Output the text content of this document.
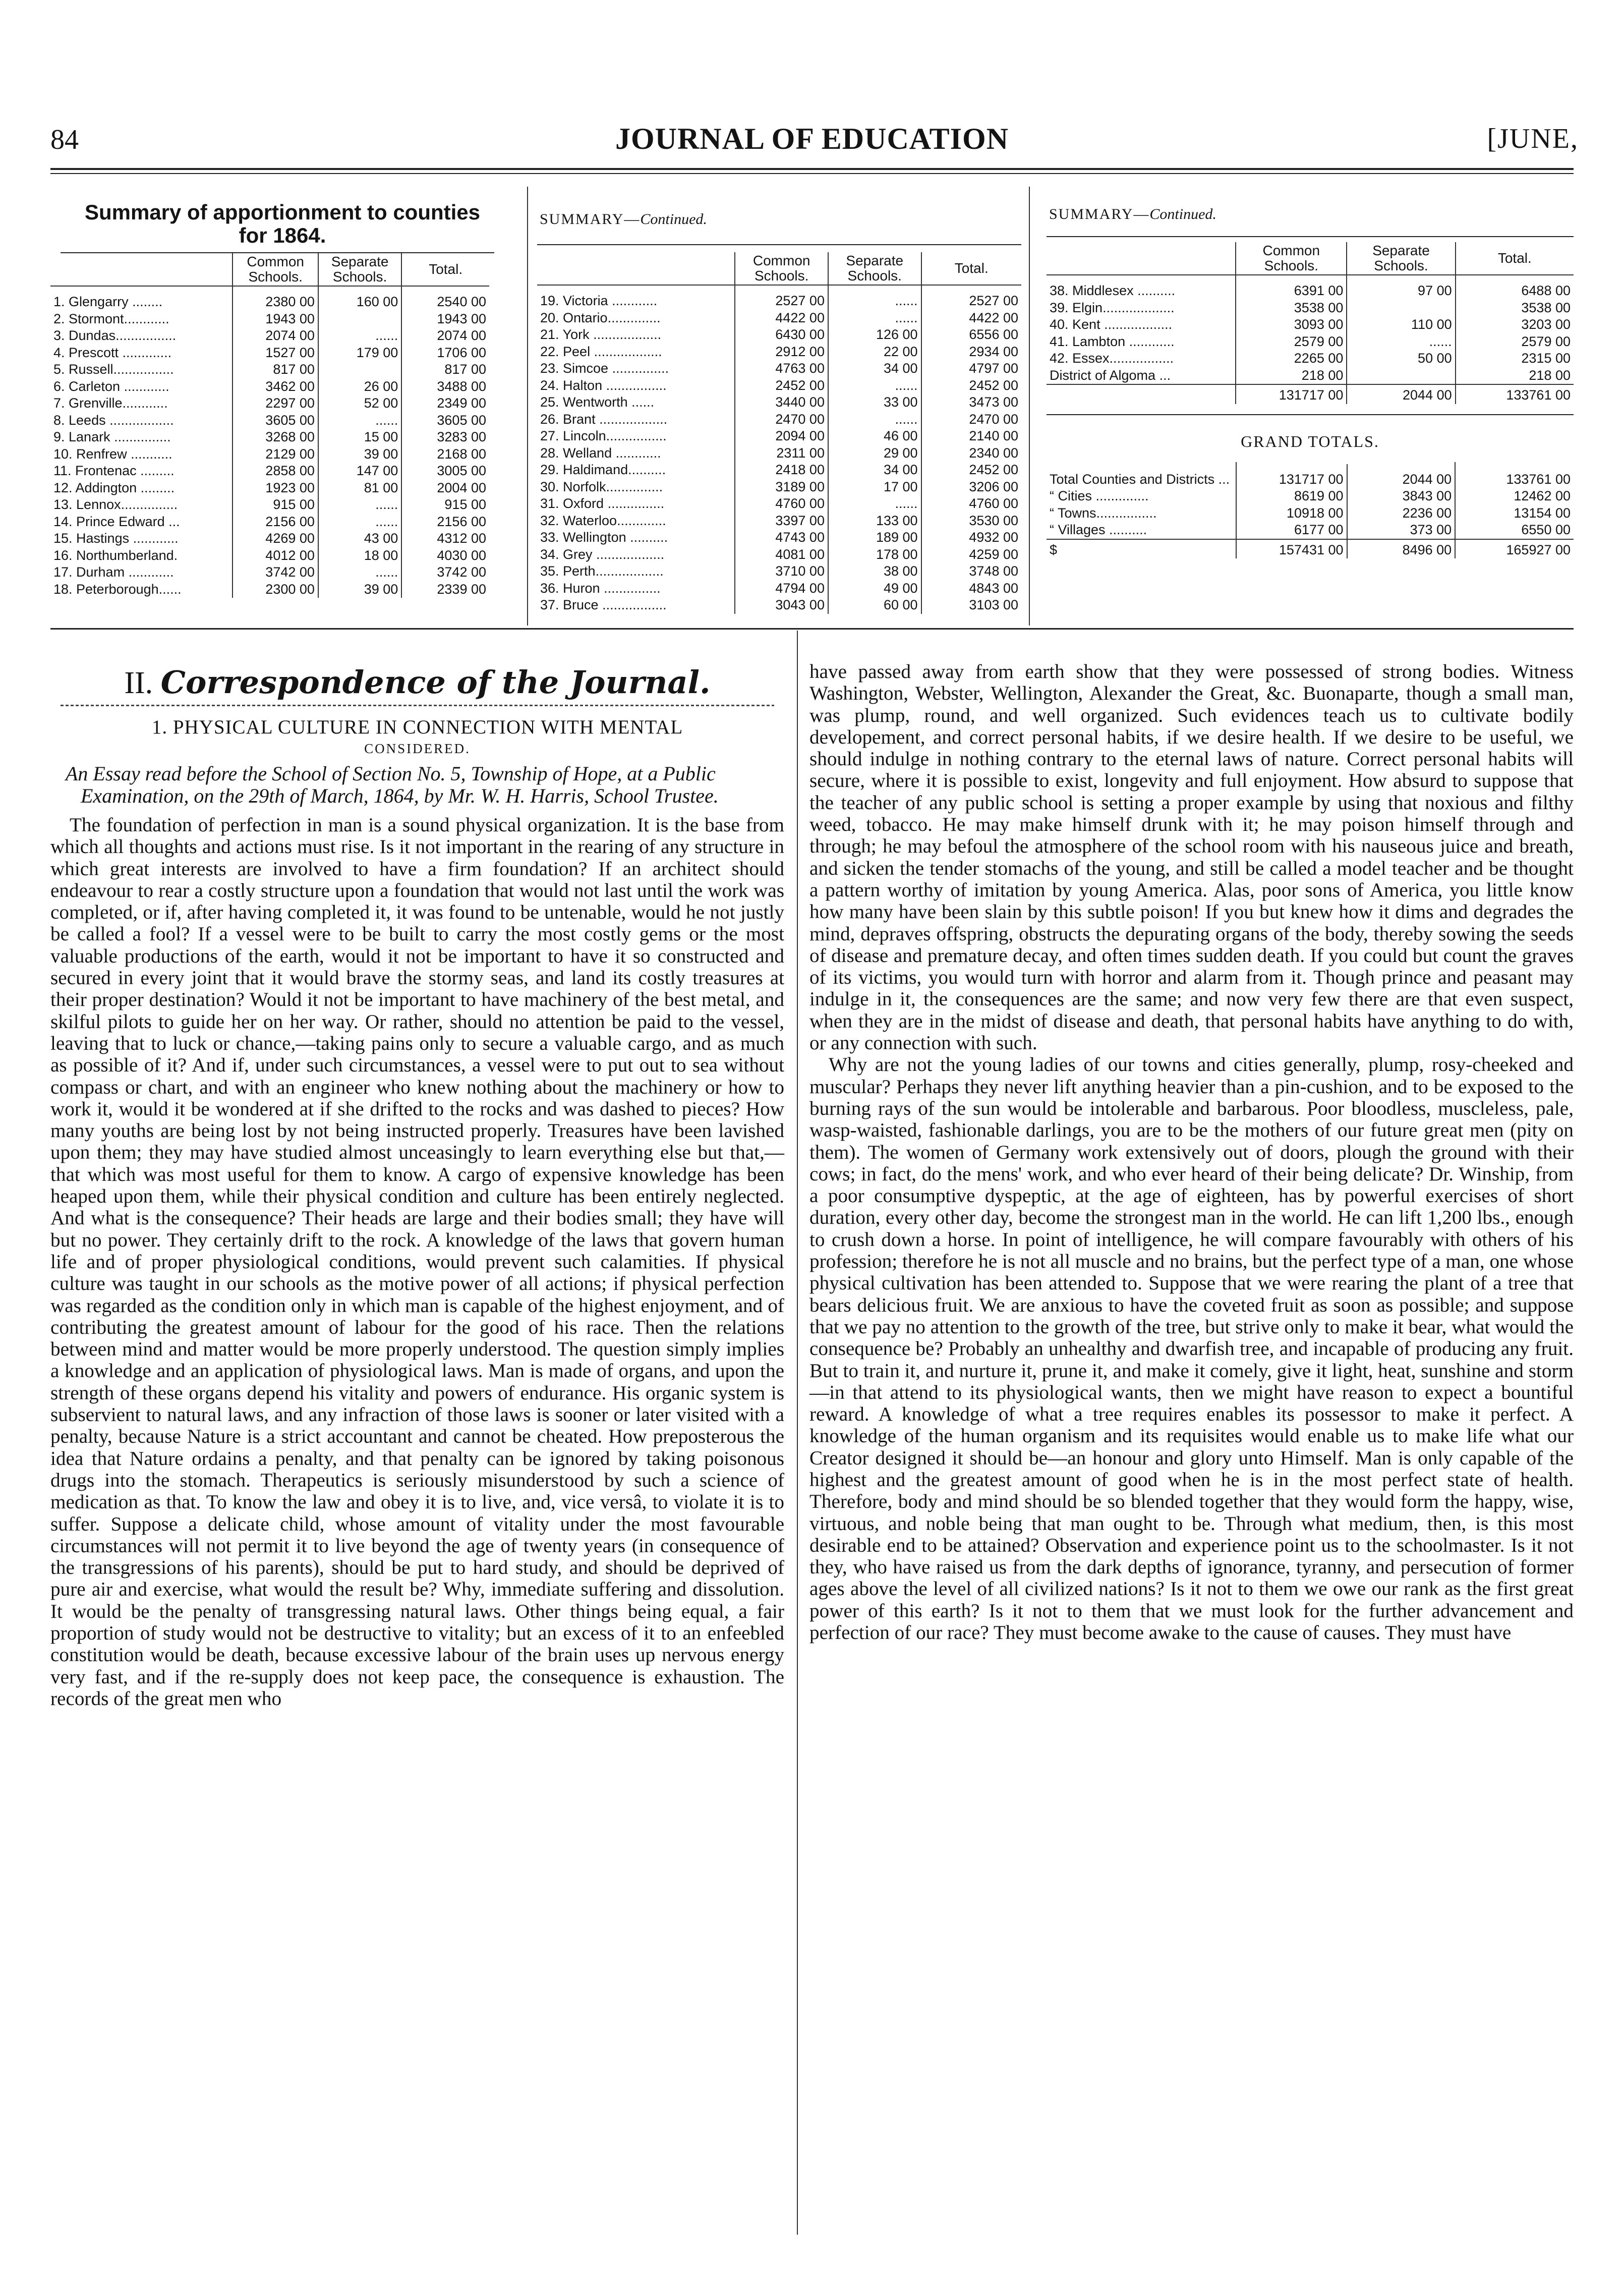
84	JOURNAL OF EDUCATION	[JUNE,
Summary of apportionment to counties for 1864.
	Common Schools.	Separate Schools.	Total.
1. Glengarry ........	2380 00	160 00	2540 00
2. Stormont............	1943 00		1943 00
3. Dundas................	2074 00	......	2074 00
4. Prescott .............	1527 00	179 00	1706 00
5. Russell................	817 00		817 00
6. Carleton ............	3462 00	26 00	3488 00
7. Grenville............	2297 00	52 00	2349 00
8. Leeds .................	3605 00	......	3605 00
9. Lanark ...............	3268 00	15 00	3283 00
10. Renfrew ...........	2129 00	39 00	2168 00
11. Frontenac .........	2858 00	147 00	3005 00
12. Addington .........	1923 00	81 00	2004 00
13. Lennox...............	915 00	......	915 00
14. Prince Edward ...	2156 00	......	2156 00
15. Hastings ............	4269 00	43 00	4312 00
16. Northumberland.	4012 00	18 00	4030 00
17. Durham ............	3742 00	......	3742 00
18. Peterborough......	2300 00	39 00	2339 00
SUMMARY—Continued.
	Common Schools.	Separate Schools.	Total.
19. Victoria ............	2527 00	......	2527 00
20. Ontario..............	4422 00	......	4422 00
21. York ..................	6430 00	126 00	6556 00
22. Peel ..................	2912 00	22 00	2934 00
23. Simcoe ...............	4763 00	34 00	4797 00
24. Halton ................	2452 00	......	2452 00
25. Wentworth ......	3440 00	33 00	3473 00
26. Brant ..................	2470 00	......	2470 00
27. Lincoln................	2094 00	46 00	2140 00
28. Welland ............	2311 00	29 00	2340 00
29. Haldimand..........	2418 00	34 00	2452 00
30. Norfolk...............	3189 00	17 00	3206 00
31. Oxford ...............	4760 00	......	4760 00
32. Waterloo.............	3397 00	133 00	3530 00
33. Wellington ..........	4743 00	189 00	4932 00
34. Grey ..................	4081 00	178 00	4259 00
35. Perth..................	3710 00	38 00	3748 00
36. Huron ...............	4794 00	49 00	4843 00
37. Bruce .................	3043 00	60 00	3103 00
SUMMARY—Continued.
	Common Schools.	Separate Schools.	Total.
38. Middlesex ..........	6391 00	97 00	6488 00
39. Elgin...................	3538 00		3538 00
40. Kent ..................	3093 00	110 00	3203 00
41. Lambton ............	2579 00	......	2579 00
42. Essex.................	2265 00	50 00	2315 00
District of Algoma ...	218 00		218 00
	131717 00	2044 00	133761 00
GRAND TOTALS.

Total Counties and Districts ...	131717 00	2044 00	133761 00
“ Cities ..............	8619 00	3843 00	12462 00
“ Towns................	10918 00	2236 00	13154 00
“ Villages ..........	6177 00	373 00	6550 00
$	157431 00	8496 00	165927 00
II. Correspondence of the Journal.
1. PHYSICAL CULTURE IN CONNECTION WITH MENTAL
CONSIDERED.
An Essay read before the School of Section No. 5, Township of Hope, at a Public Examination, on the 29th of March, 1864, by Mr. W. H. Harris, School Trustee.

The foundation of perfection in man is a sound physical organization. It is the base from which all thoughts and actions must rise. Is it not important in the rearing of any structure in which great interests are involved to have a firm foundation? If an architect should endeavour to rear a costly structure upon a foundation that would not last until the work was completed, or if, after having completed it, it was found to be untenable, would he not justly be called a fool? If a vessel were to be built to carry the most costly gems or the most valuable productions of the earth, would it not be important to have it so constructed and secured in every joint that it would brave the stormy seas, and land its costly treasures at their proper destination? Would it not be important to have machinery of the best metal, and skilful pilots to guide her on her way. Or rather, should no attention be paid to the vessel, leaving that to luck or chance,—taking pains only to secure a valuable cargo, and as much as possible of it? And if, under such circumstances, a vessel were to put out to sea without compass or chart, and with an engineer who knew nothing about the machinery or how to work it, would it be wondered at if she drifted to the rocks and was dashed to pieces? How many youths are being lost by not being instructed properly. Treasures have been lavished upon them; they may have studied almost unceasingly to learn everything else but that,—that which was most useful for them to know. A cargo of expensive knowledge has been heaped upon them, while their physical condition and culture has been entirely neglected. And what is the consequence? Their heads are large and their bodies small; they have will but no power. They certainly drift to the rock. A knowledge of the laws that govern human life and of proper physiological conditions, would prevent such calamities. If physical culture was taught in our schools as the motive power of all actions; if physical perfection was regarded as the condition only in which man is capable of the highest enjoyment, and of contributing the greatest amount of labour for the good of his race. Then the relations between mind and matter would be more properly understood. The question simply implies a knowledge and an application of physiological laws. Man is made of organs, and upon the strength of these organs depend his vitality and powers of endurance. His organic system is subservient to natural laws, and any infraction of those laws is sooner or later visited with a penalty, because Nature is a strict accountant and cannot be cheated. How preposterous the idea that Nature ordains a penalty, and that penalty can be ignored by taking poisonous drugs into the stomach. Therapeutics is seriously misunderstood by such a science of medication as that. To know the law and obey it is to live, and, vice versâ, to violate it is to suffer. Suppose a delicate child, whose amount of vitality under the most favourable circumstances will not permit it to live beyond the age of twenty years (in consequence of the transgressions of his parents), should be put to hard study, and should be deprived of pure air and exercise, what would the result be? Why, immediate suffering and dissolution. It would be the penalty of transgressing natural laws. Other things being equal, a fair proportion of study would not be destructive to vitality; but an excess of it to an enfeebled constitution would be death, because excessive labour of the brain uses up nervous energy very fast, and if the re-supply does not keep pace, the consequence is exhaustion. The records of the great men who

have passed away from earth show that they were possessed of strong bodies. Witness Washington, Webster, Wellington, Alexander the Great, &c. Buonaparte, though a small man, was plump, round, and well organized. Such evidences teach us to cultivate bodily developement, and correct personal habits, if we desire health. If we desire to be useful, we should indulge in nothing contrary to the eternal laws of nature. Correct personal habits will secure, where it is possible to exist, longevity and full enjoyment. How absurd to suppose that the teacher of any public school is setting a proper example by using that noxious and filthy weed, tobacco. He may make himself drunk with it; he may poison himself through and through; he may befoul the atmosphere of the school room with his nauseous juice and breath, and sicken the tender stomachs of the young, and still be called a model teacher and be thought a pattern worthy of imitation by young America. Alas, poor sons of America, you little know how many have been slain by this subtle poison! If you but knew how it dims and degrades the mind, depraves offspring, obstructs the depurating organs of the body, thereby sowing the seeds of disease and premature decay, and often times sudden death. If you could but count the graves of its victims, you would turn with horror and alarm from it. Though prince and peasant may indulge in it, the consequences are the same; and now very few there are that even suspect, when they are in the midst of disease and death, that personal habits have anything to do with, or any connection with such.

Why are not the young ladies of our towns and cities generally, plump, rosy-cheeked and muscular? Perhaps they never lift anything heavier than a pin-cushion, and to be exposed to the burning rays of the sun would be intolerable and barbarous. Poor bloodless, muscleless, pale, wasp-waisted, fashionable darlings, you are to be the mothers of our future great men (pity on them). The women of Germany work extensively out of doors, plough the ground with their cows; in fact, do the mens' work, and who ever heard of their being delicate? Dr. Winship, from a poor consumptive dyspeptic, at the age of eighteen, has by powerful exercises of short duration, every other day, become the strongest man in the world. He can lift 1,200 lbs., enough to crush down a horse. In point of intelligence, he will compare favourably with others of his profession; therefore he is not all muscle and no brains, but the perfect type of a man, one whose physical cultivation has been attended to. Suppose that we were rearing the plant of a tree that bears delicious fruit. We are anxious to have the coveted fruit as soon as possible; and suppose that we pay no attention to the growth of the tree, but strive only to make it bear, what would the consequence be? Probably an unhealthy and dwarfish tree, and incapable of producing any fruit. But to train it, and nurture it, prune it, and make it comely, give it light, heat, sunshine and storm—in that attend to its physiological wants, then we might have reason to expect a bountiful reward. A knowledge of what a tree requires enables its possessor to make it perfect. A knowledge of the human organism and its requisites would enable us to make life what our Creator designed it should be—an honour and glory unto Himself. Man is only capable of the highest and the greatest amount of good when he is in the most perfect state of health. Therefore, body and mind should be so blended together that they would form the happy, wise, virtuous, and noble being that man ought to be. Through what medium, then, is this most desirable end to be attained? Observation and experience point us to the schoolmaster. Is it not they, who have raised us from the dark depths of ignorance, tyranny, and persecution of former ages above the level of all civilized nations? Is it not to them we owe our rank as the first great power of this earth? Is it not to them that we must look for the further advancement and perfection of our race? They must become awake to the cause of causes. They must have
